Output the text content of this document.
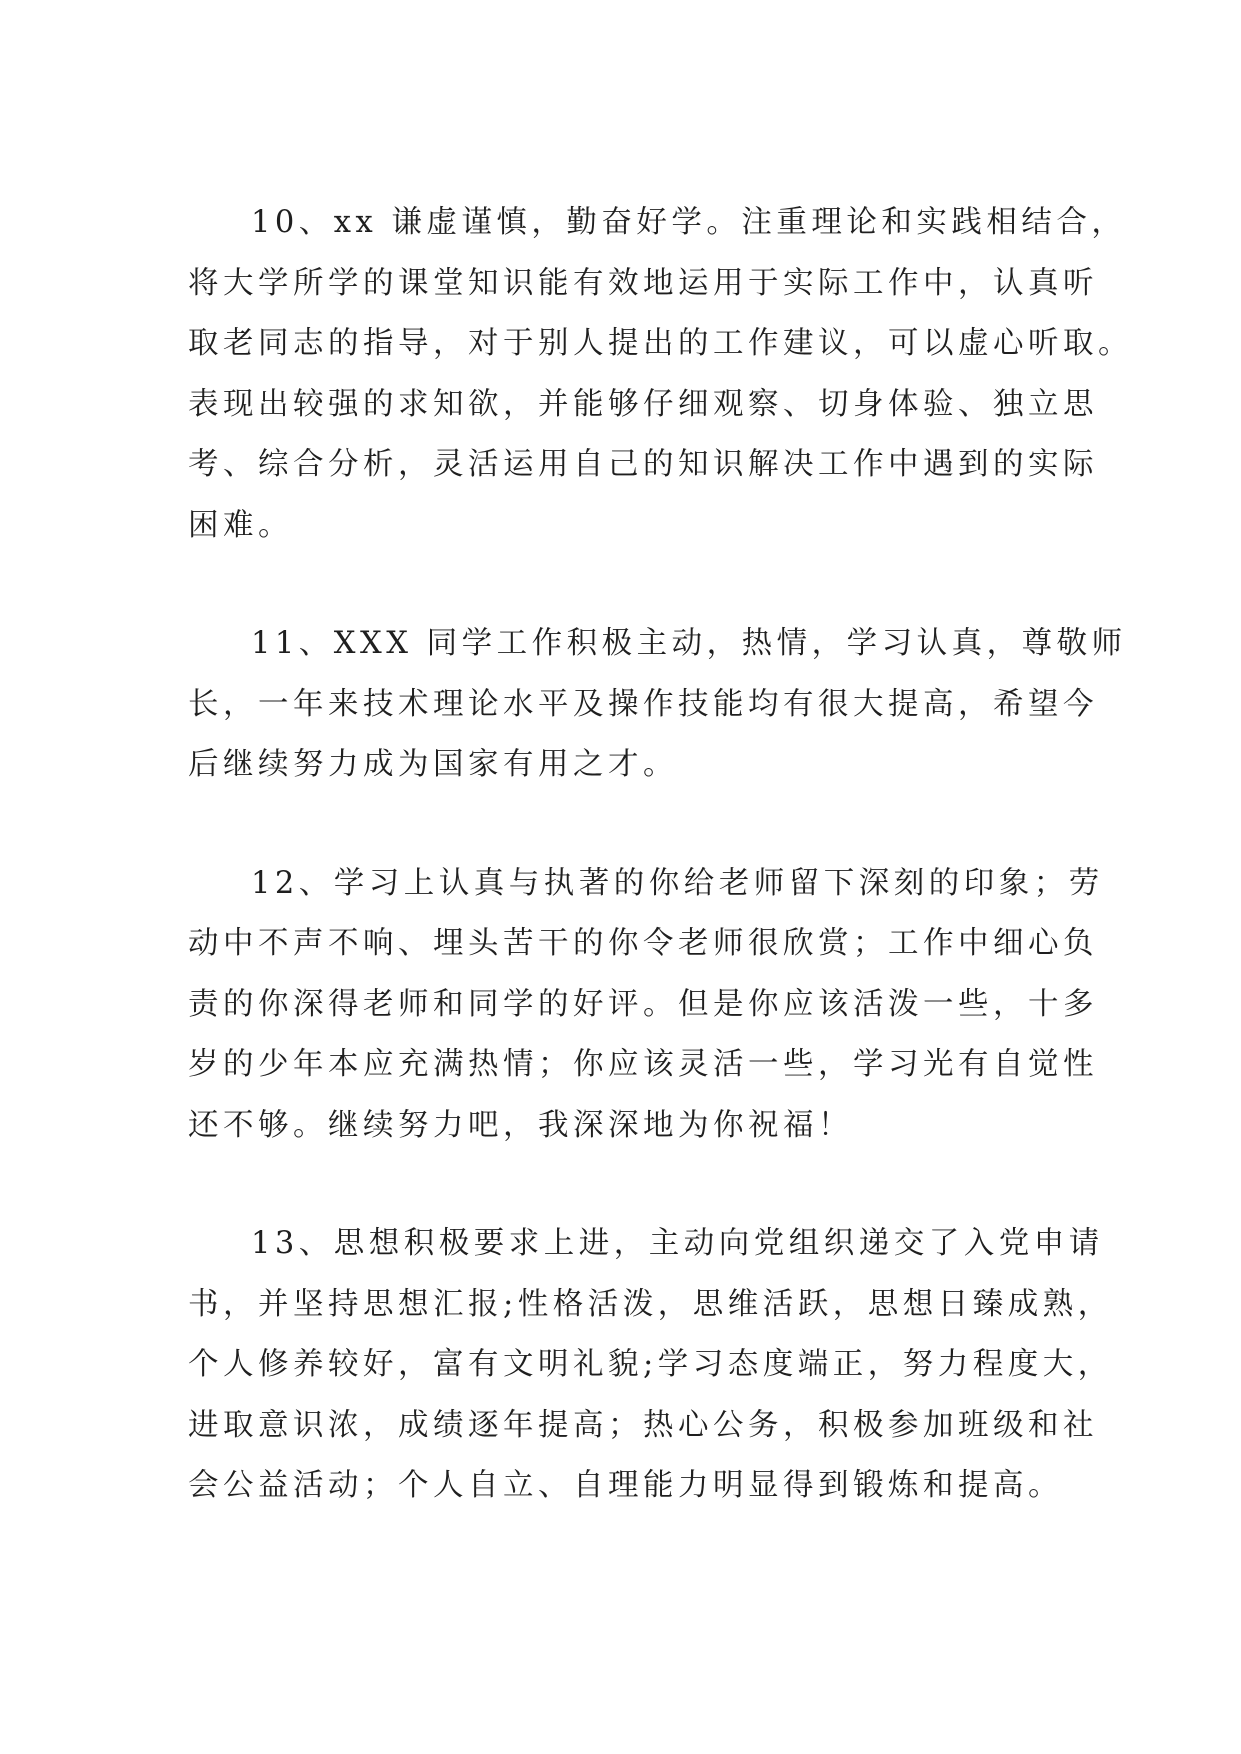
10、xx 谦虚谨慎，勤奋好学。注重理论和实践相结合，
将大学所学的课堂知识能有效地运用于实际工作中，认真听
取老同志的指导，对于别人提出的工作建议，可以虚心听取。
表现出较强的求知欲，并能够仔细观察、切身体验、独立思
考、综合分析，灵活运用自己的知识解决工作中遇到的实际
困难。

11、XXX 同学工作积极主动，热情，学习认真，尊敬师
长，一年来技术理论水平及操作技能均有很大提高，希望今
后继续努力成为国家有用之才。

12、学习上认真与执著的你给老师留下深刻的印象；劳
动中不声不响、埋头苦干的你令老师很欣赏；工作中细心负
责的你深得老师和同学的好评。但是你应该活泼一些，十多
岁的少年本应充满热情；你应该灵活一些，学习光有自觉性
还不够。继续努力吧，我深深地为你祝福！

13、思想积极要求上进，主动向党组织递交了入党申请
书，并坚持思想汇报;性格活泼，思维活跃，思想日臻成熟，
个人修养较好，富有文明礼貌;学习态度端正，努力程度大，
进取意识浓，成绩逐年提高；热心公务，积极参加班级和社
会公益活动；个人自立、自理能力明显得到锻炼和提高。
